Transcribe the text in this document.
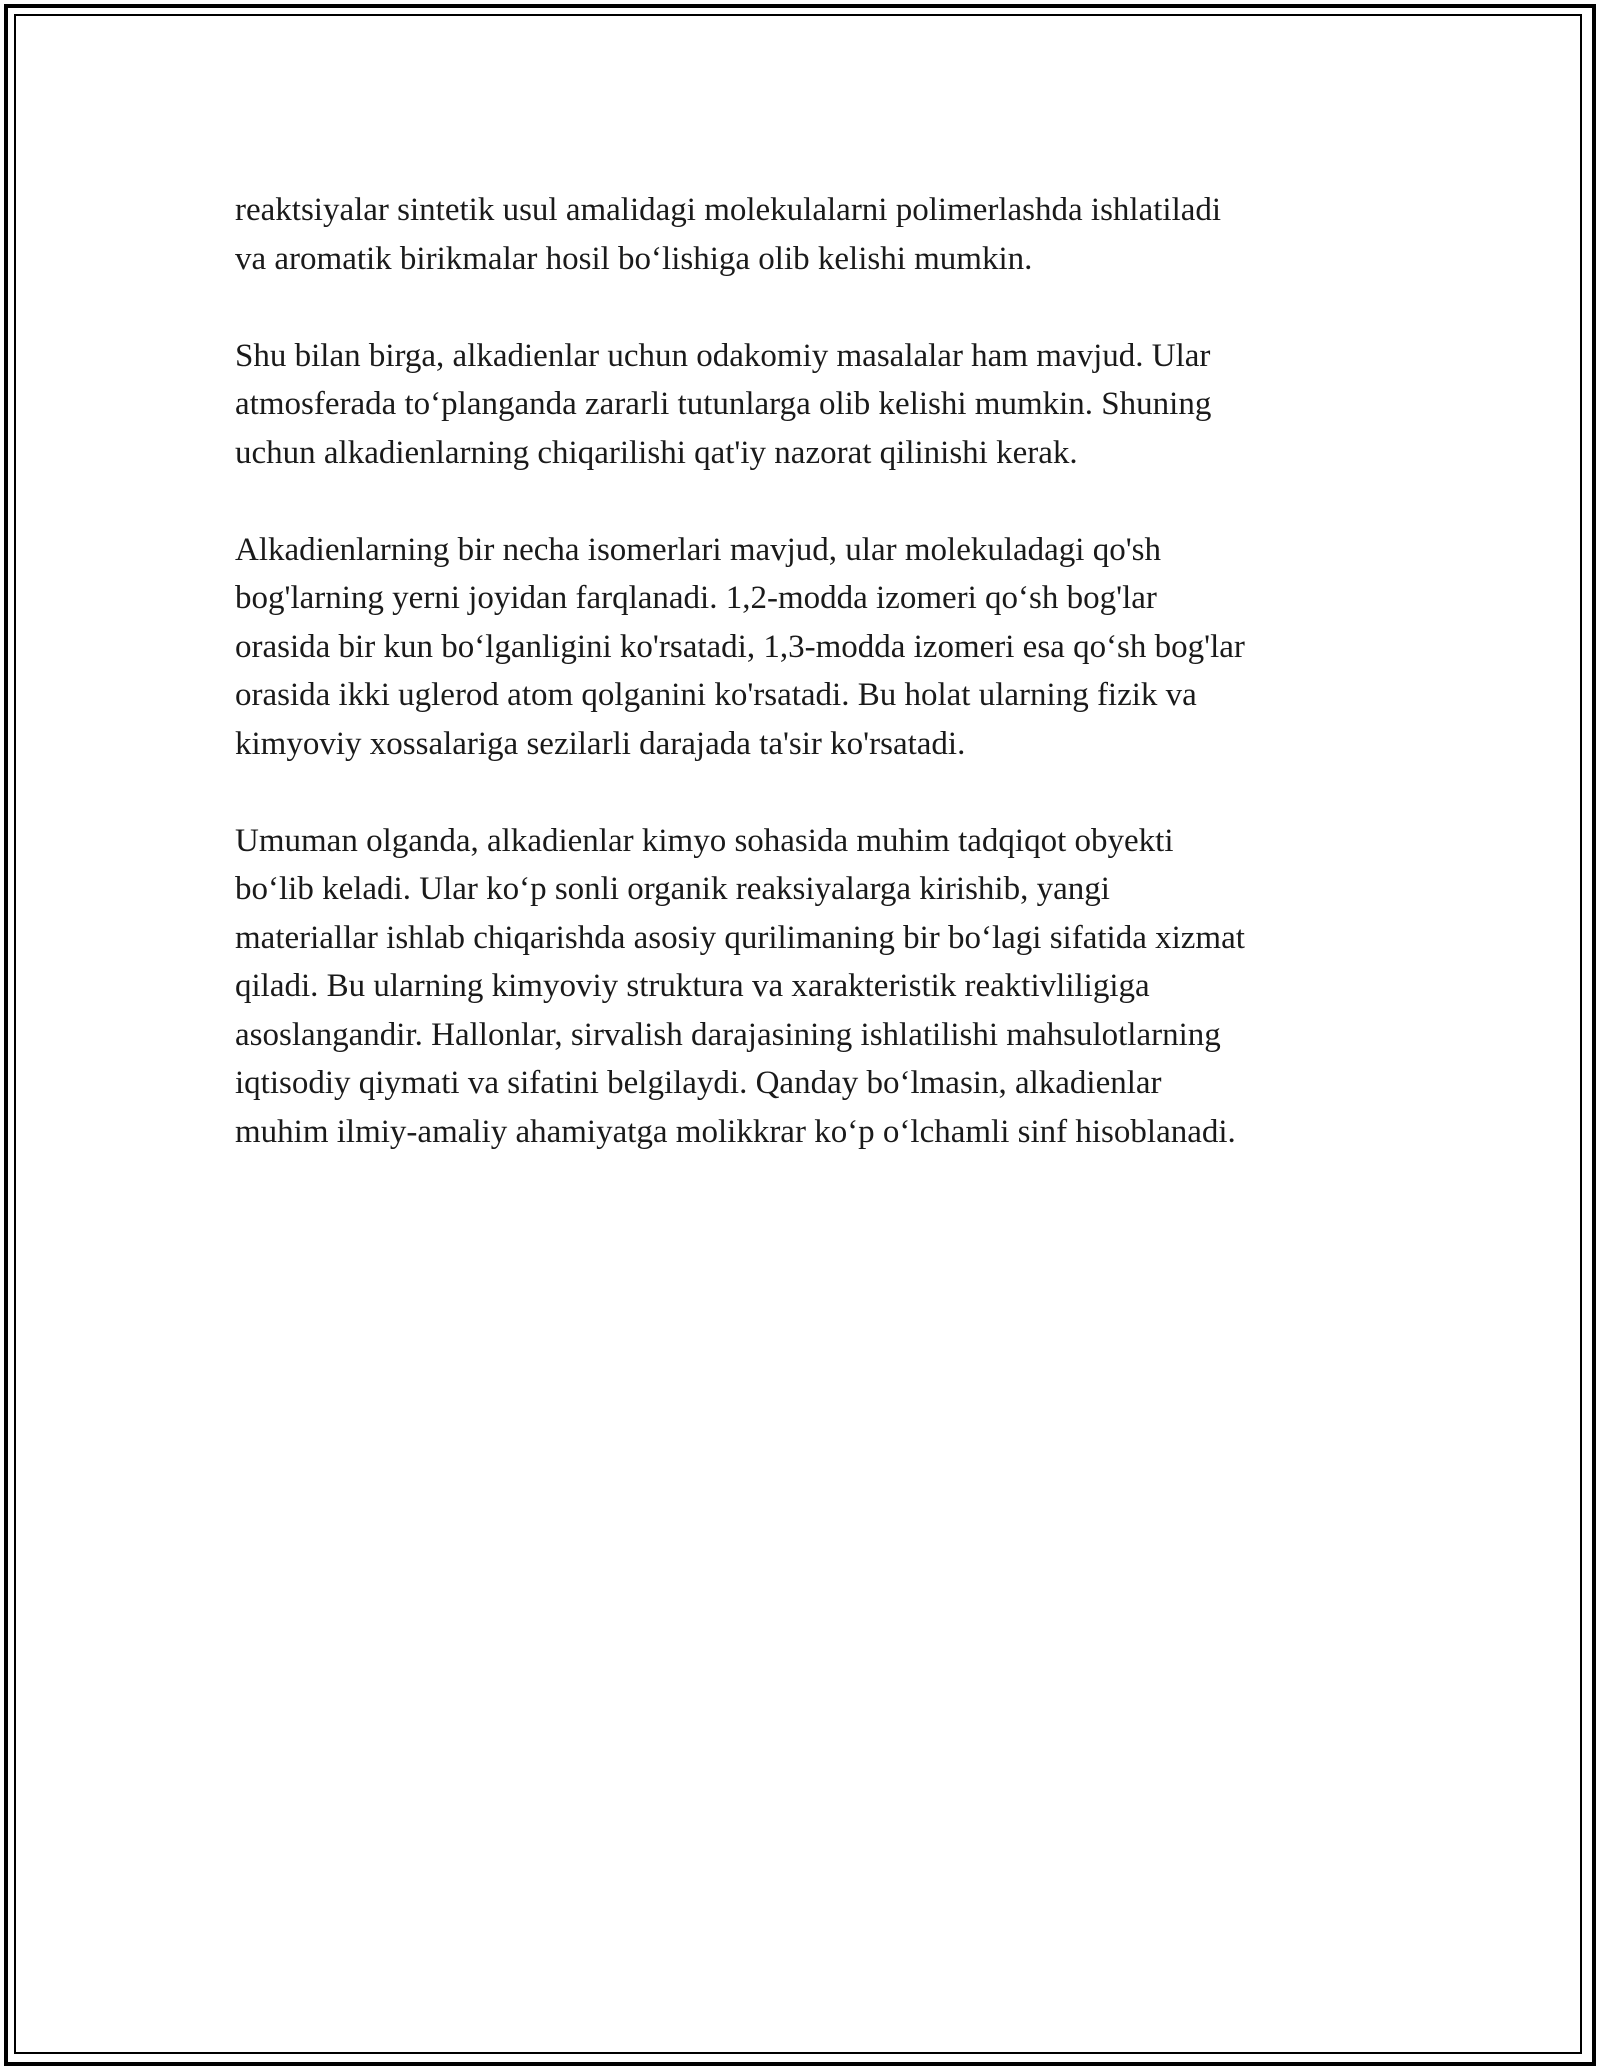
reaktsiyalar sintetik usul amalidagi molekulalarni polimerlashda ishlatiladi
va aromatik birikmalar hosil bo‘lishiga olib kelishi mumkin.

Shu bilan birga, alkadienlar uchun odakomiy masalalar ham mavjud. Ular
atmosferada to‘planganda zararli tutunlarga olib kelishi mumkin. Shuning
uchun alkadienlarning chiqarilishi qat'iy nazorat qilinishi kerak.

Alkadienlarning bir necha isomerlari mavjud, ular molekuladagi qo'sh
bog'larning yerni joyidan farqlanadi. 1,2-modda izomeri qo‘sh bog'lar
orasida bir kun bo‘lganligini ko'rsatadi, 1,3-modda izomeri esa qo‘sh bog'lar
orasida ikki uglerod atom qolganini ko'rsatadi. Bu holat ularning fizik va
kimyoviy xossalariga sezilarli darajada ta'sir ko'rsatadi.

Umuman olganda, alkadienlar kimyo sohasida muhim tadqiqot obyekti
bo‘lib keladi. Ular ko‘p sonli organik reaksiyalarga kirishib, yangi
materiallar ishlab chiqarishda asosiy qurilimaning bir bo‘lagi sifatida xizmat
qiladi. Bu ularning kimyoviy struktura va xarakteristik reaktivliligiga
asoslangandir. Hallonlar, sirvalish darajasining ishlatilishi mahsulotlarning
iqtisodiy qiymati va sifatini belgilaydi. Qanday bo‘lmasin, alkadienlar
muhim ilmiy-amaliy ahamiyatga molikkrar ko‘p o‘lchamli sinf hisoblanadi.
